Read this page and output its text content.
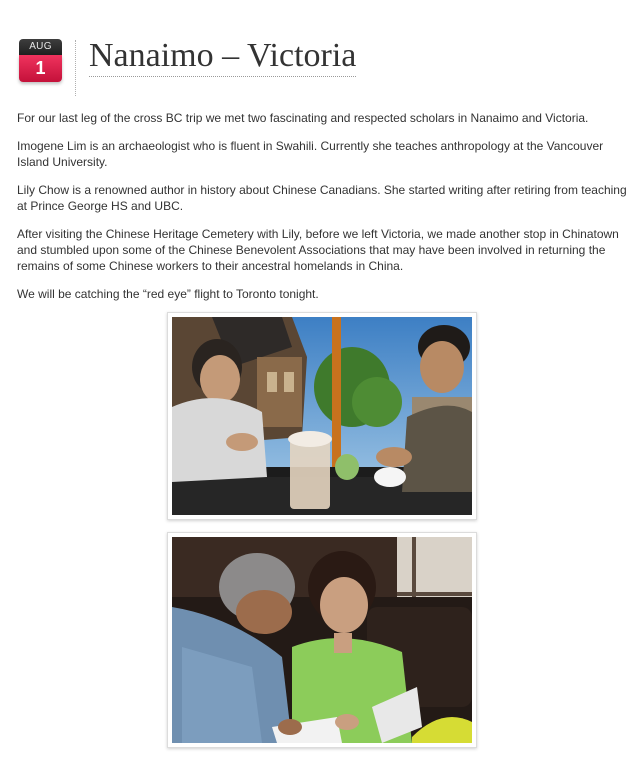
AUG
1	Nanaimo – Victoria

For our last leg of the cross BC trip we met two fascinating and respected scholars in Nanaimo and Victoria.

Imogene Lim is an archaeologist who is fluent in Swahili. Currently she teaches anthropology at the Vancouver Island University.

Lily Chow is a renowned author in history about Chinese Canadians. She started writing after retiring from teaching at Prince George HS and UBC.

After visiting the Chinese Heritage Cemetery with Lily, before we left Victoria, we made another stop in Chinatown and stumbled upon some of the Chinese Benevolent Associations that may have been involved in returning the remains of some Chinese workers to their ancestral homelands in China.

We will be catching the “red eye” flight to Toronto tonight.
